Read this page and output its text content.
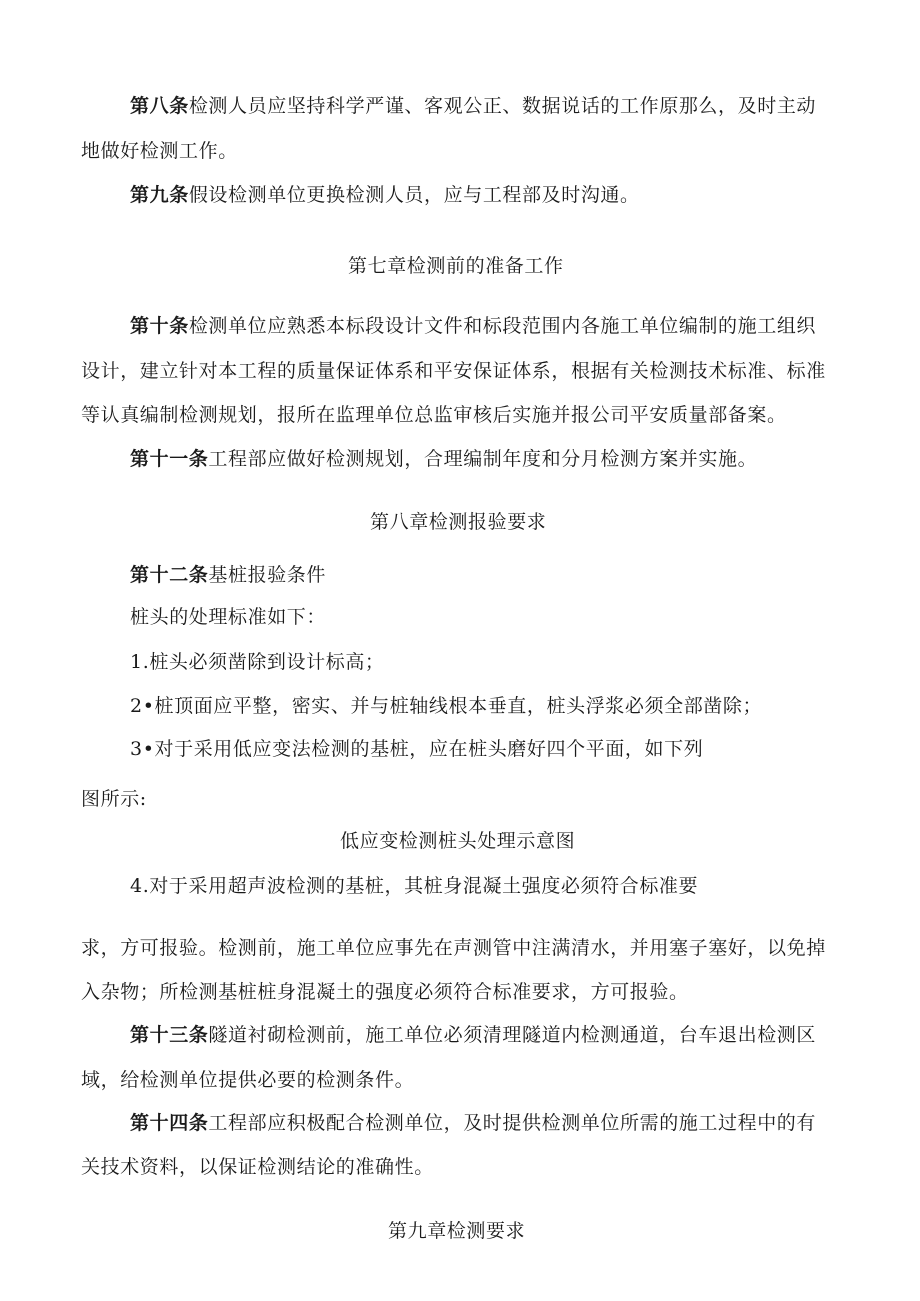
第八条检测人员应坚持科学严谨、客观公正、数据说话的工作原那么，及时主动
地做好检测工作。
第九条假设检测单位更换检测人员，应与工程部及时沟通。
第七章检测前的准备工作
第十条检测单位应熟悉本标段设计文件和标段范围内各施工单位编制的施工组织
设计，建立针对本工程的质量保证体系和平安保证体系，根据有关检测技术标准、标准
等认真编制检测规划，报所在监理单位总监审核后实施并报公司平安质量部备案。
第十一条工程部应做好检测规划，合理编制年度和分月检测方案并实施。
第八章检测报验要求
第十二条基桩报验条件
桩头的处理标准如下：
1.桩头必须凿除到设计标高；
2•桩顶面应平整，密实、并与桩轴线根本垂直，桩头浮浆必须全部凿除；
3•对于采用低应变法检测的基桩，应在桩头磨好四个平面，如下列
图所示:
低应变检测桩头处理示意图
4.对于采用超声波检测的基桩，其桩身混凝土强度必须符合标准要
求，方可报验。检测前，施工单位应事先在声测管中注满清水，并用塞子塞好，以免掉
入杂物；所检测基桩桩身混凝土的强度必须符合标准要求，方可报验。
第十三条隧道衬砌检测前，施工单位必须清理隧道内检测通道，台车退出检测区
域，给检测单位提供必要的检测条件。
第十四条工程部应积极配合检测单位，及时提供检测单位所需的施工过程中的有
关技术资料，以保证检测结论的准确性。
第九章检测要求
